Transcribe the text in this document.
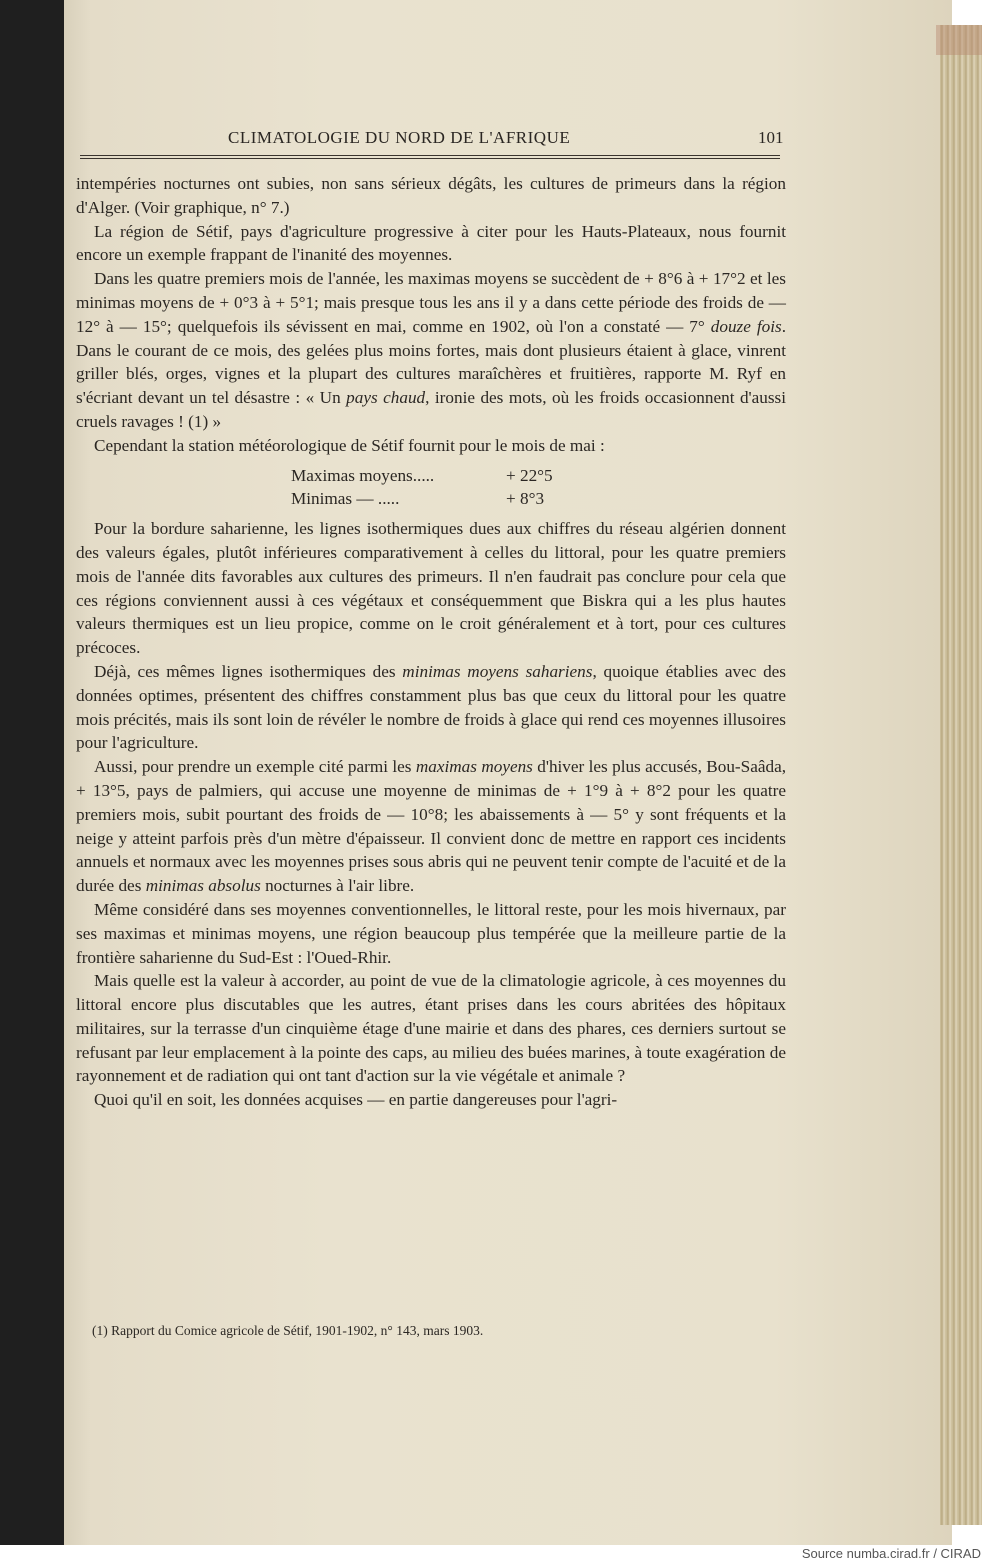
CLIMATOLOGIE DU NORD DE L'AFRIQUE	101

intempéries nocturnes ont subies, non sans sérieux dégâts, les cultures de primeurs dans la région d'Alger. (Voir graphique, n° 7.)

La région de Sétif, pays d'agriculture progressive à citer pour les Hauts-Plateaux, nous fournit encore un exemple frappant de l'inanité des moyennes.

Dans les quatre premiers mois de l'année, les maximas moyens se succèdent de + 8°6 à + 17°2 et les minimas moyens de + 0°3 à + 5°1; mais presque tous les ans il y a dans cette période des froids de — 12° à — 15°; quelquefois ils sévissent en mai, comme en 1902, où l'on a constaté — 7° douze fois. Dans le courant de ce mois, des gelées plus moins fortes, mais dont plusieurs étaient à glace, vinrent griller blés, orges, vignes et la plupart des cultures maraîchères et fruitières, rapporte M. Ryf en s'écriant devant un tel désastre : « Un pays chaud, ironie des mots, où les froids occasionnent d'aussi cruels ravages ! (1) »

Cependant la station météorologique de Sétif fournit pour le mois de mai :

Maximas moyens.....	+ 22°5
Minimas — .....	+ 8°3

Pour la bordure saharienne, les lignes isothermiques dues aux chiffres du réseau algérien donnent des valeurs égales, plutôt inférieures comparativement à celles du littoral, pour les quatre premiers mois de l'année dits favorables aux cultures des primeurs. Il n'en faudrait pas conclure pour cela que ces régions conviennent aussi à ces végétaux et conséquemment que Biskra qui a les plus hautes valeurs thermiques est un lieu propice, comme on le croit généralement et à tort, pour ces cultures précoces.

Déjà, ces mêmes lignes isothermiques des minimas moyens sahariens, quoique établies avec des données optimes, présentent des chiffres constamment plus bas que ceux du littoral pour les quatre mois précités, mais ils sont loin de révéler le nombre de froids à glace qui rend ces moyennes illusoires pour l'agriculture.

Aussi, pour prendre un exemple cité parmi les maximas moyens d'hiver les plus accusés, Bou-Saâda, + 13°5, pays de palmiers, qui accuse une moyenne de minimas de + 1°9 à + 8°2 pour les quatre premiers mois, subit pourtant des froids de — 10°8; les abaissements à — 5° y sont fréquents et la neige y atteint parfois près d'un mètre d'épaisseur. Il convient donc de mettre en rapport ces incidents annuels et normaux avec les moyennes prises sous abris qui ne peuvent tenir compte de l'acuité et de la durée des minimas absolus nocturnes à l'air libre.

Même considéré dans ses moyennes conventionnelles, le littoral reste, pour les mois hivernaux, par ses maximas et minimas moyens, une région beaucoup plus tempérée que la meilleure partie de la frontière saharienne du Sud-Est : l'Oued-Rhir.

Mais quelle est la valeur à accorder, au point de vue de la climatologie agricole, à ces moyennes du littoral encore plus discutables que les autres, étant prises dans les cours abritées des hôpitaux militaires, sur la terrasse d'un cinquième étage d'une mairie et dans des phares, ces derniers surtout se refusant par leur emplacement à la pointe des caps, au milieu des buées marines, à toute exagération de rayonnement et de radiation qui ont tant d'action sur la vie végétale et animale ?

Quoi qu'il en soit, les données acquises — en partie dangereuses pour l'agri-

(1) Rapport du Comice agricole de Sétif, 1901-1902, n° 143, mars 1903.
Source numba.cirad.fr / CIRAD
